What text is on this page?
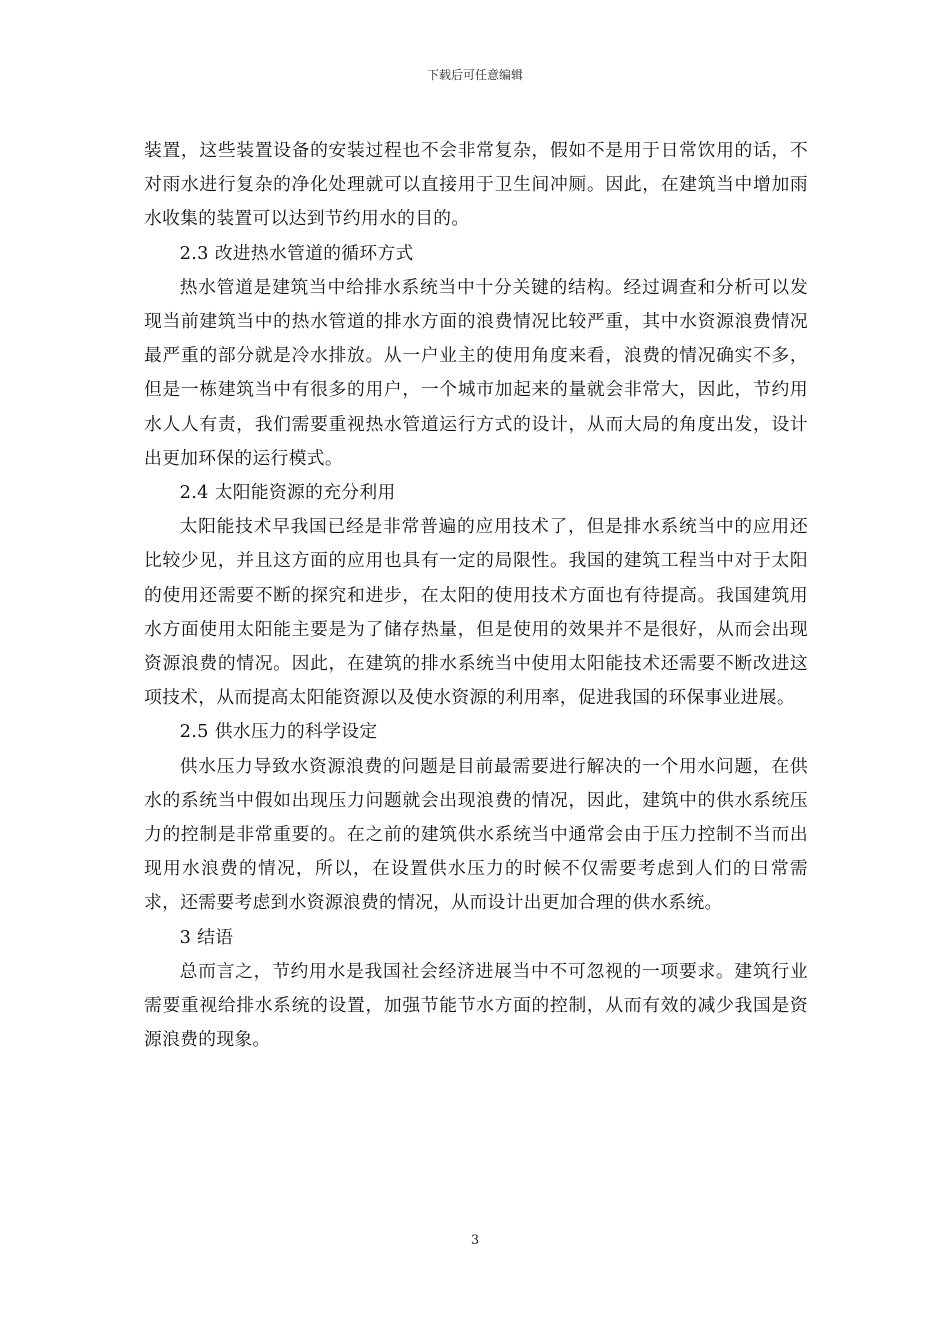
下载后可任意编辑

装置，这些装置设备的安装过程也不会非常复杂，假如不是用于日常饮用的话，不对雨水进行复杂的净化处理就可以直接用于卫生间冲厕。因此，在建筑当中增加雨水收集的装置可以达到节约用水的目的。

2.3 改进热水管道的循环方式

热水管道是建筑当中给排水系统当中十分关键的结构。经过调查和分析可以发现当前建筑当中的热水管道的排水方面的浪费情况比较严重，其中水资源浪费情况最严重的部分就是冷水排放。从一户业主的使用角度来看，浪费的情况确实不多，但是一栋建筑当中有很多的用户，一个城市加起来的量就会非常大，因此，节约用水人人有责，我们需要重视热水管道运行方式的设计，从而大局的角度出发，设计出更加环保的运行模式。

2.4 太阳能资源的充分利用

太阳能技术早我国已经是非常普遍的应用技术了，但是排水系统当中的应用还比较少见，并且这方面的应用也具有一定的局限性。我国的建筑工程当中对于太阳的使用还需要不断的探究和进步，在太阳的使用技术方面也有待提高。我国建筑用水方面使用太阳能主要是为了储存热量，但是使用的效果并不是很好，从而会出现资源浪费的情况。因此，在建筑的排水系统当中使用太阳能技术还需要不断改进这项技术，从而提高太阳能资源以及使水资源的利用率，促进我国的环保事业进展。

2.5 供水压力的科学设定

供水压力导致水资源浪费的问题是目前最需要进行解决的一个用水问题，在供水的系统当中假如出现压力问题就会出现浪费的情况，因此，建筑中的供水系统压力的控制是非常重要的。在之前的建筑供水系统当中通常会由于压力控制不当而出现用水浪费的情况，所以，在设置供水压力的时候不仅需要考虑到人们的日常需求，还需要考虑到水资源浪费的情况，从而设计出更加合理的供水系统。

3 结语

总而言之，节约用水是我国社会经济进展当中不可忽视的一项要求。建筑行业需要重视给排水系统的设置，加强节能节水方面的控制，从而有效的减少我国是资源浪费的现象。

3
